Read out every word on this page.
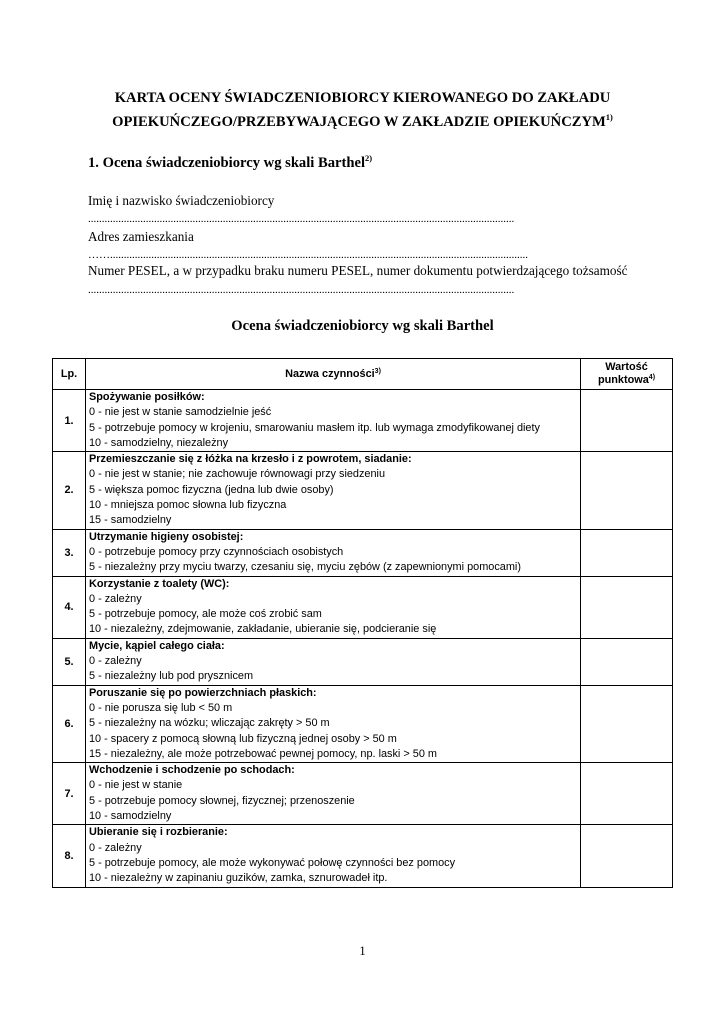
KARTA OCENY ŚWIADCZENIOBIORCY KIEROWANEGO DO ZAKŁADU
OPIEKUŃCZEGO/PRZEBYWAJĄCEGO W ZAKŁADZIE OPIEKUŃCZYM$^{1)}$
1. Ocena świadczeniobiorcy wg skali Barthel$^{2)}$
Imię i nazwisko świadczeniobiorcy
...........................................................................................................................................................
Adres zamieszkania
……........................................................................................................................................................
Numer PESEL, a w przypadku braku numeru PESEL, numer dokumentu potwierdzającego tożsamość
...........................................................................................................................................................
Ocena świadczeniobiorcy wg skali Barthel
Lp.	Nazwa czynności$^{3)}$	Wartość
punktowa$^{4)}$

1.	Spożywanie posiłków:
0 - nie jest w stanie samodzielnie jeść
5 - potrzebuje pomocy w krojeniu, smarowaniu masłem itp. lub wymaga zmodyfikowanej diety
10 - samodzielny, niezależny	

2.	Przemieszczanie się z łóżka na krzesło i z powrotem, siadanie:
0 - nie jest w stanie; nie zachowuje równowagi przy siedzeniu
5 - większa pomoc fizyczna (jedna lub dwie osoby)
10 - mniejsza pomoc słowna lub fizyczna
15 - samodzielny	

3.	Utrzymanie higieny osobistej:
0 - potrzebuje pomocy przy czynnościach osobistych
5 - niezależny przy myciu twarzy, czesaniu się, myciu zębów (z zapewnionymi pomocami)	

4.	Korzystanie z toalety (WC):
0 - zależny
5 - potrzebuje pomocy, ale może coś zrobić sam
10 - niezależny, zdejmowanie, zakładanie, ubieranie się, podcieranie się	

5.	Mycie, kąpiel całego ciała:
0 - zależny
5 - niezależny lub pod prysznicem	

6.	Poruszanie się po powierzchniach płaskich:
0 - nie porusza się lub < 50 m
5 - niezależny na wózku; wliczając zakręty > 50 m
10 - spacery z pomocą słowną lub fizyczną jednej osoby > 50 m
15 - niezależny, ale może potrzebować pewnej pomocy, np. laski > 50 m	

7.	Wchodzenie i schodzenie po schodach:
0 - nie jest w stanie
5 - potrzebuje pomocy słownej, fizycznej; przenoszenie
10 - samodzielny	

8.	Ubieranie się i rozbieranie:
0 - zależny
5 - potrzebuje pomocy, ale może wykonywać połowę czynności bez pomocy
10 - niezależny w zapinaniu guzików, zamka, sznurowadeł itp.	

1
